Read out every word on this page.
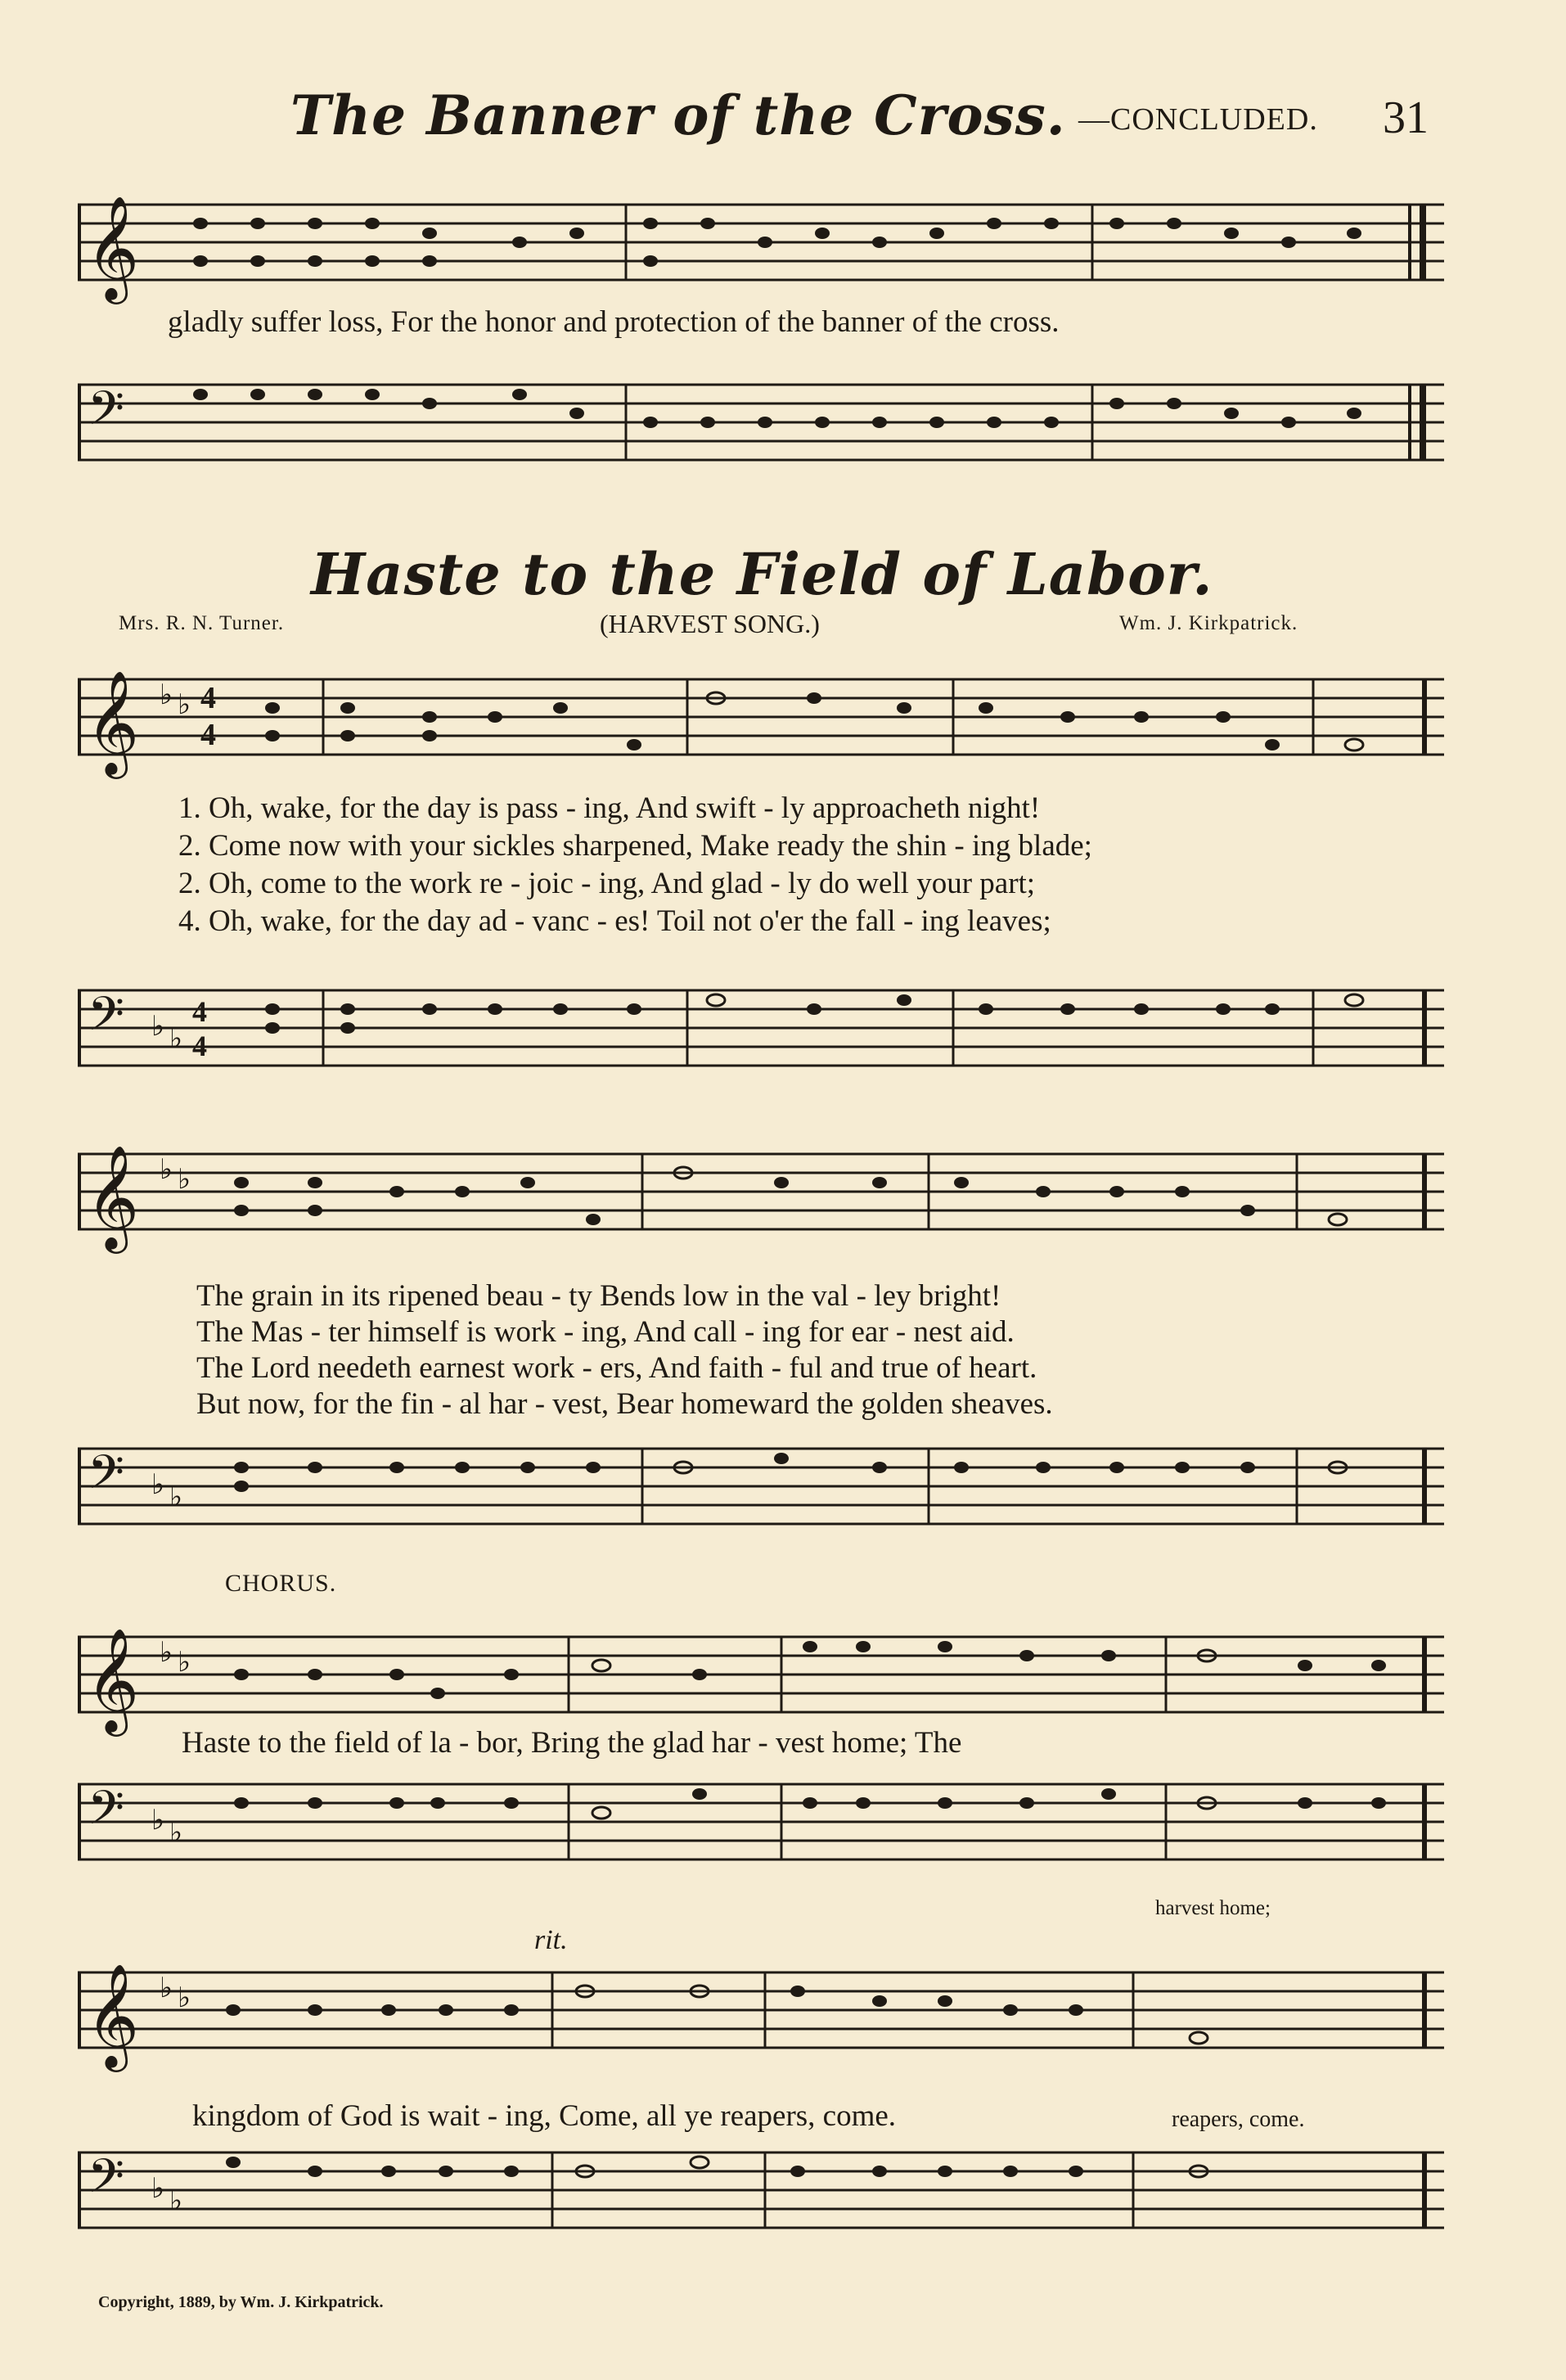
The Banner of the Cross. —CONCLUDED. 31
𝄞
gladly suffer loss, For the honor and protection of the banner of the cross.
𝄢
Haste to the Field of Labor.
Mrs. R. N. Turner.	(HARVEST SONG.)	Wm. J. Kirkpatrick.
𝄞 ♭ ♭ 4
4
1. Oh, wake, for the day is pass - ing, And swift - ly approacheth night!
2. Come now with your sickles sharpened, Make ready the shin - ing blade;
2. Oh, come to the work re - joic - ing, And glad - ly do well your part;
4. Oh, wake, for the day ad - vanc - es! Toil not o'er the fall - ing leaves;
𝄢 ♭ ♭
4
4
𝄞 ♭ ♭
The grain in its ripened beau - ty Bends low in the val - ley bright!
The Mas - ter himself is work - ing, And call - ing for ear - nest aid.
The Lord needeth earnest work - ers, And faith - ful and true of heart.
But now, for the fin - al har - vest, Bear homeward the golden sheaves.
𝄢 ♭ ♭
CHORUS.
𝄞 ♭ ♭
Haste to the field of la - bor, Bring the glad har - vest home; The
𝄢 ♭ ♭
harvest home;
rit.
𝄞 ♭ ♭
kingdom of God is wait - ing, Come, all ye reapers, come.	reapers, come.
𝄢 ♭ ♭
Copyright, 1889, by Wm. J. Kirkpatrick.
